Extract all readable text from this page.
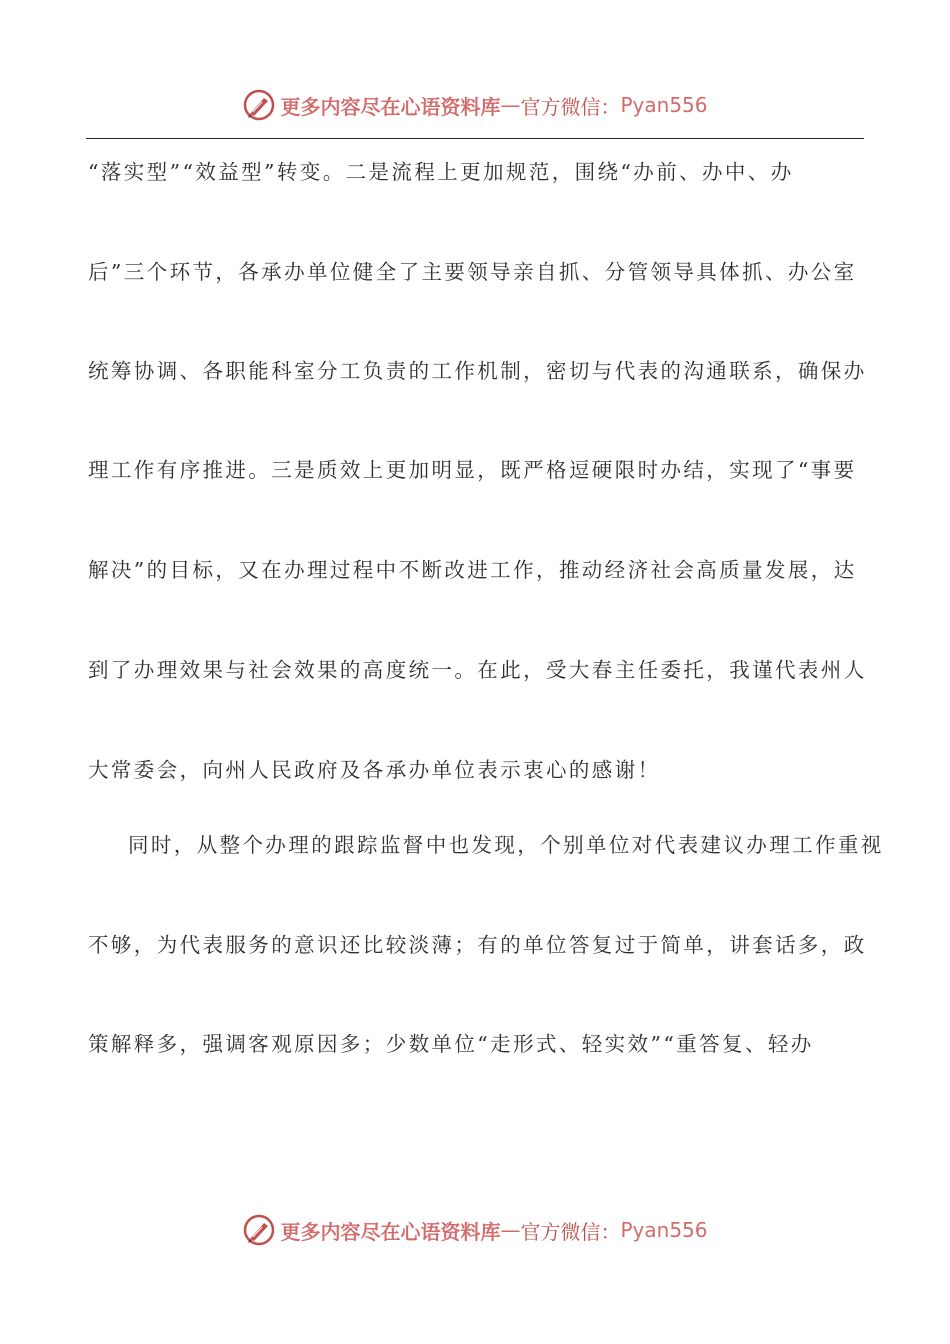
更多内容尽在心语资料库 — 官方微信： Pyan556
“落实型”“效益型”转变。二是流程上更加规范，围绕“办前、办中、办
后”三个环节，各承办单位健全了主要领导亲自抓、分管领导具体抓、办公室
统筹协调、各职能科室分工负责的工作机制，密切与代表的沟通联系，确保办
理工作有序推进。三是质效上更加明显，既严格逗硬限时办结，实现了“事要
解决”的目标，又在办理过程中不断改进工作，推动经济社会高质量发展，达
到了办理效果与社会效果的高度统一。在此，受大春主任委托，我谨代表州人
大常委会，向州人民政府及各承办单位表示衷心的感谢！
同时，从整个办理的跟踪监督中也发现，个别单位对代表建议办理工作重视
不够，为代表服务的意识还比较淡薄；有的单位答复过于简单，讲套话多，政
策解释多，强调客观原因多；少数单位“走形式、轻实效”“重答复、轻办
更多内容尽在心语资料库 — 官方微信： Pyan556
